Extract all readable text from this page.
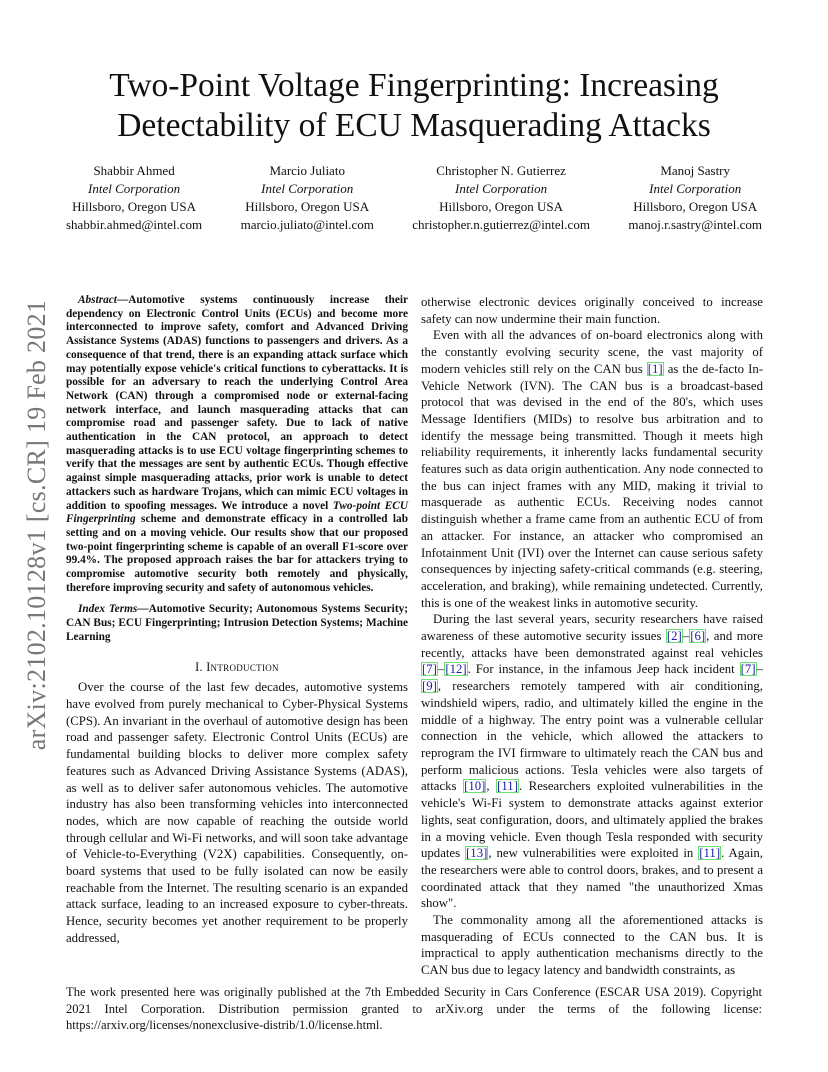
arXiv:2102.10128v1 [cs.CR] 19 Feb 2021
Two-Point Voltage Fingerprinting: Increasing
Detectability of ECU Masquerading Attacks
Shabbir Ahmed
Intel Corporation
Hillsboro, Oregon USA
shabbir.ahmed@intel.com
Marcio Juliato
Intel Corporation
Hillsboro, Oregon USA
marcio.juliato@intel.com
Christopher N. Gutierrez
Intel Corporation
Hillsboro, Oregon USA
christopher.n.gutierrez@intel.com
Manoj Sastry
Intel Corporation
Hillsboro, Oregon USA
manoj.r.sastry@intel.com

Abstract—Automotive systems continuously increase their dependency on Electronic Control Units (ECUs) and become more interconnected to improve safety, comfort and Advanced Driving Assistance Systems (ADAS) functions to passengers and drivers. As a consequence of that trend, there is an expanding attack surface which may potentially expose vehicle's critical functions to cyberattacks. It is possible for an adversary to reach the underlying Control Area Network (CAN) through a compromised node or external-facing network interface, and launch masquerading attacks that can compromise road and passenger safety. Due to lack of native authentication in the CAN protocol, an approach to detect masquerading attacks is to use ECU voltage fingerprinting schemes to verify that the messages are sent by authentic ECUs. Though effective against simple masquerading attacks, prior work is unable to detect attackers such as hardware Trojans, which can mimic ECU voltages in addition to spoofing messages. We introduce a novel Two-point ECU Fingerprinting scheme and demonstrate efficacy in a controlled lab setting and on a moving vehicle. Our results show that our proposed two-point fingerprinting scheme is capable of an overall F1-score over 99.4%. The proposed approach raises the bar for attackers trying to compromise automotive security both remotely and physically, therefore improving security and safety of autonomous vehicles.

Index Terms—Automotive Security; Autonomous Systems Security; CAN Bus; ECU Fingerprinting; Intrusion Detection Systems; Machine Learning

I. Introduction

Over the course of the last few decades, automotive systems have evolved from purely mechanical to Cyber-Physical Systems (CPS). An invariant in the overhaul of automotive design has been road and passenger safety. Electronic Control Units (ECUs) are fundamental building blocks to deliver more complex safety features such as Advanced Driving Assistance Systems (ADAS), as well as to deliver safer autonomous vehicles. The automotive industry has also been transforming vehicles into interconnected nodes, which are now capable of reaching the outside world through cellular and Wi-Fi networks, and will soon take advantage of Vehicle-to-Everything (V2X) capabilities. Consequently, on-board systems that used to be fully isolated can now be easily reachable from the Internet. The resulting scenario is an expanded attack surface, leading to an increased exposure to cyber-threats. Hence, security becomes yet another requirement to be properly addressed,

otherwise electronic devices originally conceived to increase safety can now undermine their main function.

Even with all the advances of on-board electronics along with the constantly evolving security scene, the vast majority of modern vehicles still rely on the CAN bus [1] as the de-facto In-Vehicle Network (IVN). The CAN bus is a broadcast-based protocol that was devised in the end of the 80's, which uses Message Identifiers (MIDs) to resolve bus arbitration and to identify the message being transmitted. Though it meets high reliability requirements, it inherently lacks fundamental security features such as data origin authentication. Any node connected to the bus can inject frames with any MID, making it trivial to masquerade as authentic ECUs. Receiving nodes cannot distinguish whether a frame came from an authentic ECU of from an attacker. For instance, an attacker who compromised an Infotainment Unit (IVI) over the Internet can cause serious safety consequences by injecting safety-critical commands (e.g. steering, acceleration, and braking), while remaining undetected. Currently, this is one of the weakest links in automotive security.

During the last several years, security researchers have raised awareness of these automotive security issues [2]–[6], and more recently, attacks have been demonstrated against real vehicles [7]–[12]. For instance, in the infamous Jeep hack incident [7]–[9], researchers remotely tampered with air conditioning, windshield wipers, radio, and ultimately killed the engine in the middle of a highway. The entry point was a vulnerable cellular connection in the vehicle, which allowed the attackers to reprogram the IVI firmware to ultimately reach the CAN bus and perform malicious actions. Tesla vehicles were also targets of attacks [10], [11]. Researchers exploited vulnerabilities in the vehicle's Wi-Fi system to demonstrate attacks against exterior lights, seat configuration, doors, and ultimately applied the brakes in a moving vehicle. Even though Tesla responded with security updates [13], new vulnerabilities were exploited in [11]. Again, the researchers were able to control doors, brakes, and to present a coordinated attack that they named "the unauthorized Xmas show".

The commonality among all the aforementioned attacks is masquerading of ECUs connected to the CAN bus. It is impractical to apply authentication mechanisms directly to the CAN bus due to legacy latency and bandwidth constraints, as

The work presented here was originally published at the 7th Embedded Security in Cars Conference (ESCAR USA 2019). Copyright 2021 Intel Corporation. Distribution permission granted to arXiv.org under the terms of the following license: https://arxiv.org/licenses/nonexclusive-distrib/1.0/license.html.
